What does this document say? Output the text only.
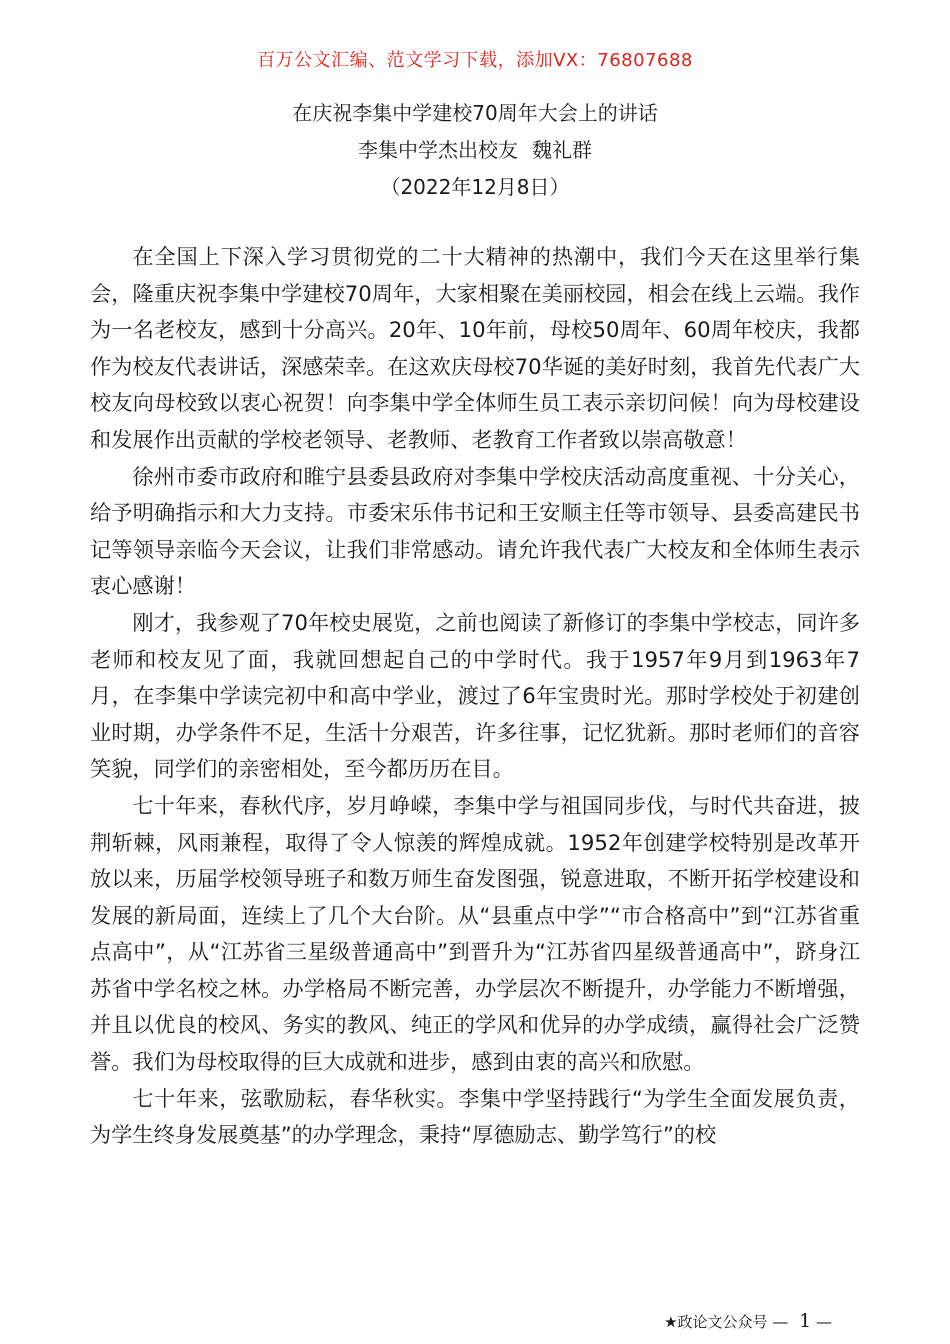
百万公文汇编、范文学习下载，添加VX：76807688
在庆祝李集中学建校70周年大会上的讲话
李集中学杰出校友 魏礼群
（2022年12月8日）

在全国上下深入学习贯彻党的二十大精神的热潮中，我们今天在这里举行集会，隆重庆祝李集中学建校70周年，大家相聚在美丽校园，相会在线上云端。我作为一名老校友，感到十分高兴。20年、10年前，母校50周年、60周年校庆，我都作为校友代表讲话，深感荣幸。在这欢庆母校70华诞的美好时刻，我首先代表广大校友向母校致以衷心祝贺！向李集中学全体师生员工表示亲切问候！向为母校建设和发展作出贡献的学校老领导、老教师、老教育工作者致以崇高敬意！

徐州市委市政府和睢宁县委县政府对李集中学校庆活动高度重视、十分关心，给予明确指示和大力支持。市委宋乐伟书记和王安顺主任等市领导、县委高建民书记等领导亲临今天会议，让我们非常感动。请允许我代表广大校友和全体师生表示衷心感谢！

刚才，我参观了70年校史展览，之前也阅读了新修订的李集中学校志，同许多老师和校友见了面，我就回想起自己的中学时代。我于1957年9月到1963年7月，在李集中学读完初中和高中学业，渡过了6年宝贵时光。那时学校处于初建创业时期，办学条件不足，生活十分艰苦，许多往事，记忆犹新。那时老师们的音容笑貌，同学们的亲密相处，至今都历历在目。

七十年来，春秋代序，岁月峥嵘，李集中学与祖国同步伐，与时代共奋进，披荆斩棘，风雨兼程，取得了令人惊羡的辉煌成就。1952年创建学校特别是改革开放以来，历届学校领导班子和数万师生奋发图强，锐意进取，不断开拓学校建设和发展的新局面，连续上了几个大台阶。从“县重点中学”“市合格高中”到“江苏省重点高中”，从“江苏省三星级普通高中”到晋升为“江苏省四星级普通高中”，跻身江苏省中学名校之林。办学格局不断完善，办学层次不断提升，办学能力不断增强，并且以优良的校风、务实的教风、纯正的学风和优异的办学成绩，赢得社会广泛赞誉。我们为母校取得的巨大成就和进步，感到由衷的高兴和欣慰。

七十年来，弦歌励耘，春华秋实。李集中学坚持践行“为学生全面发展负责，为学生终身发展奠基”的办学理念，秉持“厚德励志、勤学笃行”的校

★政论文公众号 — 1 —
